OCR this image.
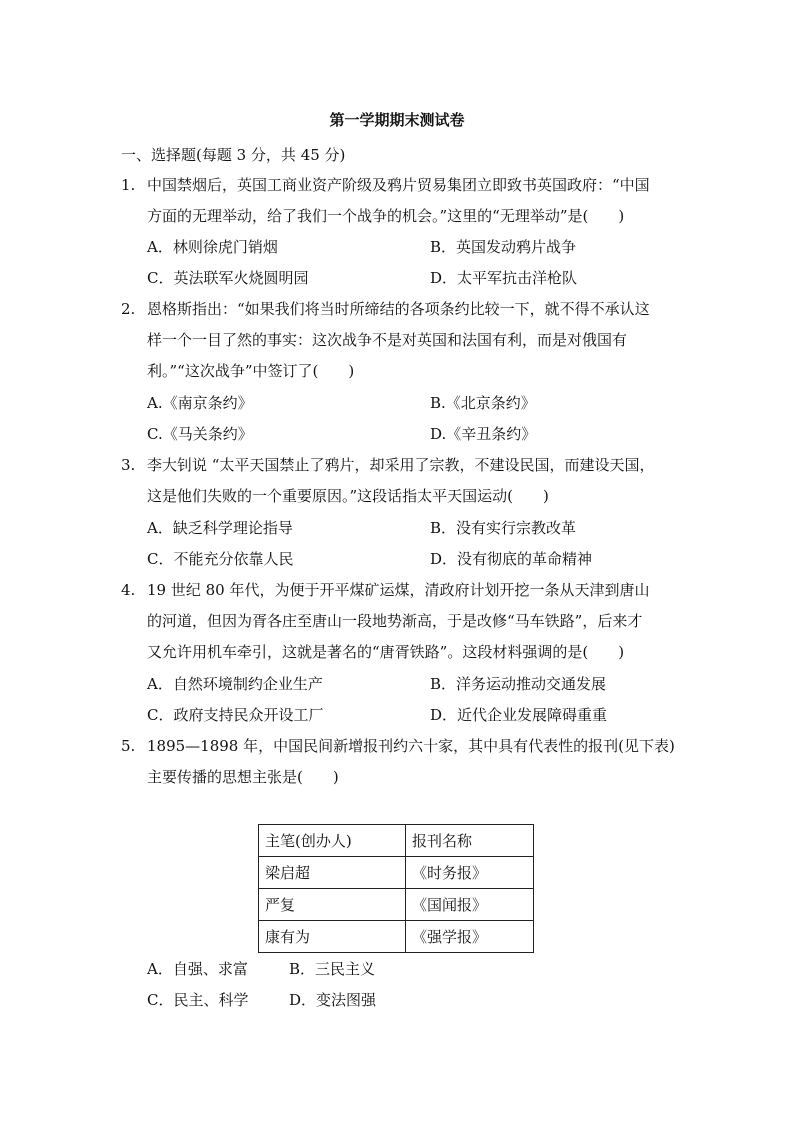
第一学期期末测试卷
一、选择题(每题 3 分，共 45 分)
1. 中国禁烟后，英国工商业资产阶级及鸦片贸易集团立即致书英国政府：“中国
方面的无理举动，给了我们一个战争的机会。”这里的“无理举动”是(　　)
A．林则徐虎门销烟	B．英国发动鸦片战争
C．英法联军火烧圆明园	D．太平军抗击洋枪队
2. 恩格斯指出：“如果我们将当时所缔结的各项条约比较一下，就不得不承认这
样一个一目了然的事实：这次战争不是对英国和法国有利，而是对俄国有
利。”“这次战争”中签订了(　　)
A.《南京条约》	B.《北京条约》
C.《马关条约》	D.《辛丑条约》
3. 李大钊说 “太平天国禁止了鸦片，却采用了宗教，不建设民国，而建设天国，
这是他们失败的一个重要原因。”这段话指太平天国运动(　　)
A．缺乏科学理论指导	B．没有实行宗教改革
C．不能充分依靠人民	D．没有彻底的革命精神
4. 19 世纪 80 年代，为便于开平煤矿运煤，清政府计划开挖一条从天津到唐山
的河道，但因为胥各庄至唐山一段地势渐高，于是改修“马车铁路”，后来才
又允许用机车牵引，这就是著名的“唐胥铁路”。这段材料强调的是(　　)
A．自然环境制约企业生产	B．洋务运动推动交通发展
C．政府支持民众开设工厂	D．近代企业发展障碍重重
5. 1895—1898 年，中国民间新增报刊约六十家，其中具有代表性的报刊(见下表)
主要传播的思想主张是(　　)
主笔(创办人)	报刊名称
梁启超	《时务报》
严复	《国闻报》
康有为	《强学报》
A．自强、求富	B．三民主义
C．民主、科学	D．变法图强
